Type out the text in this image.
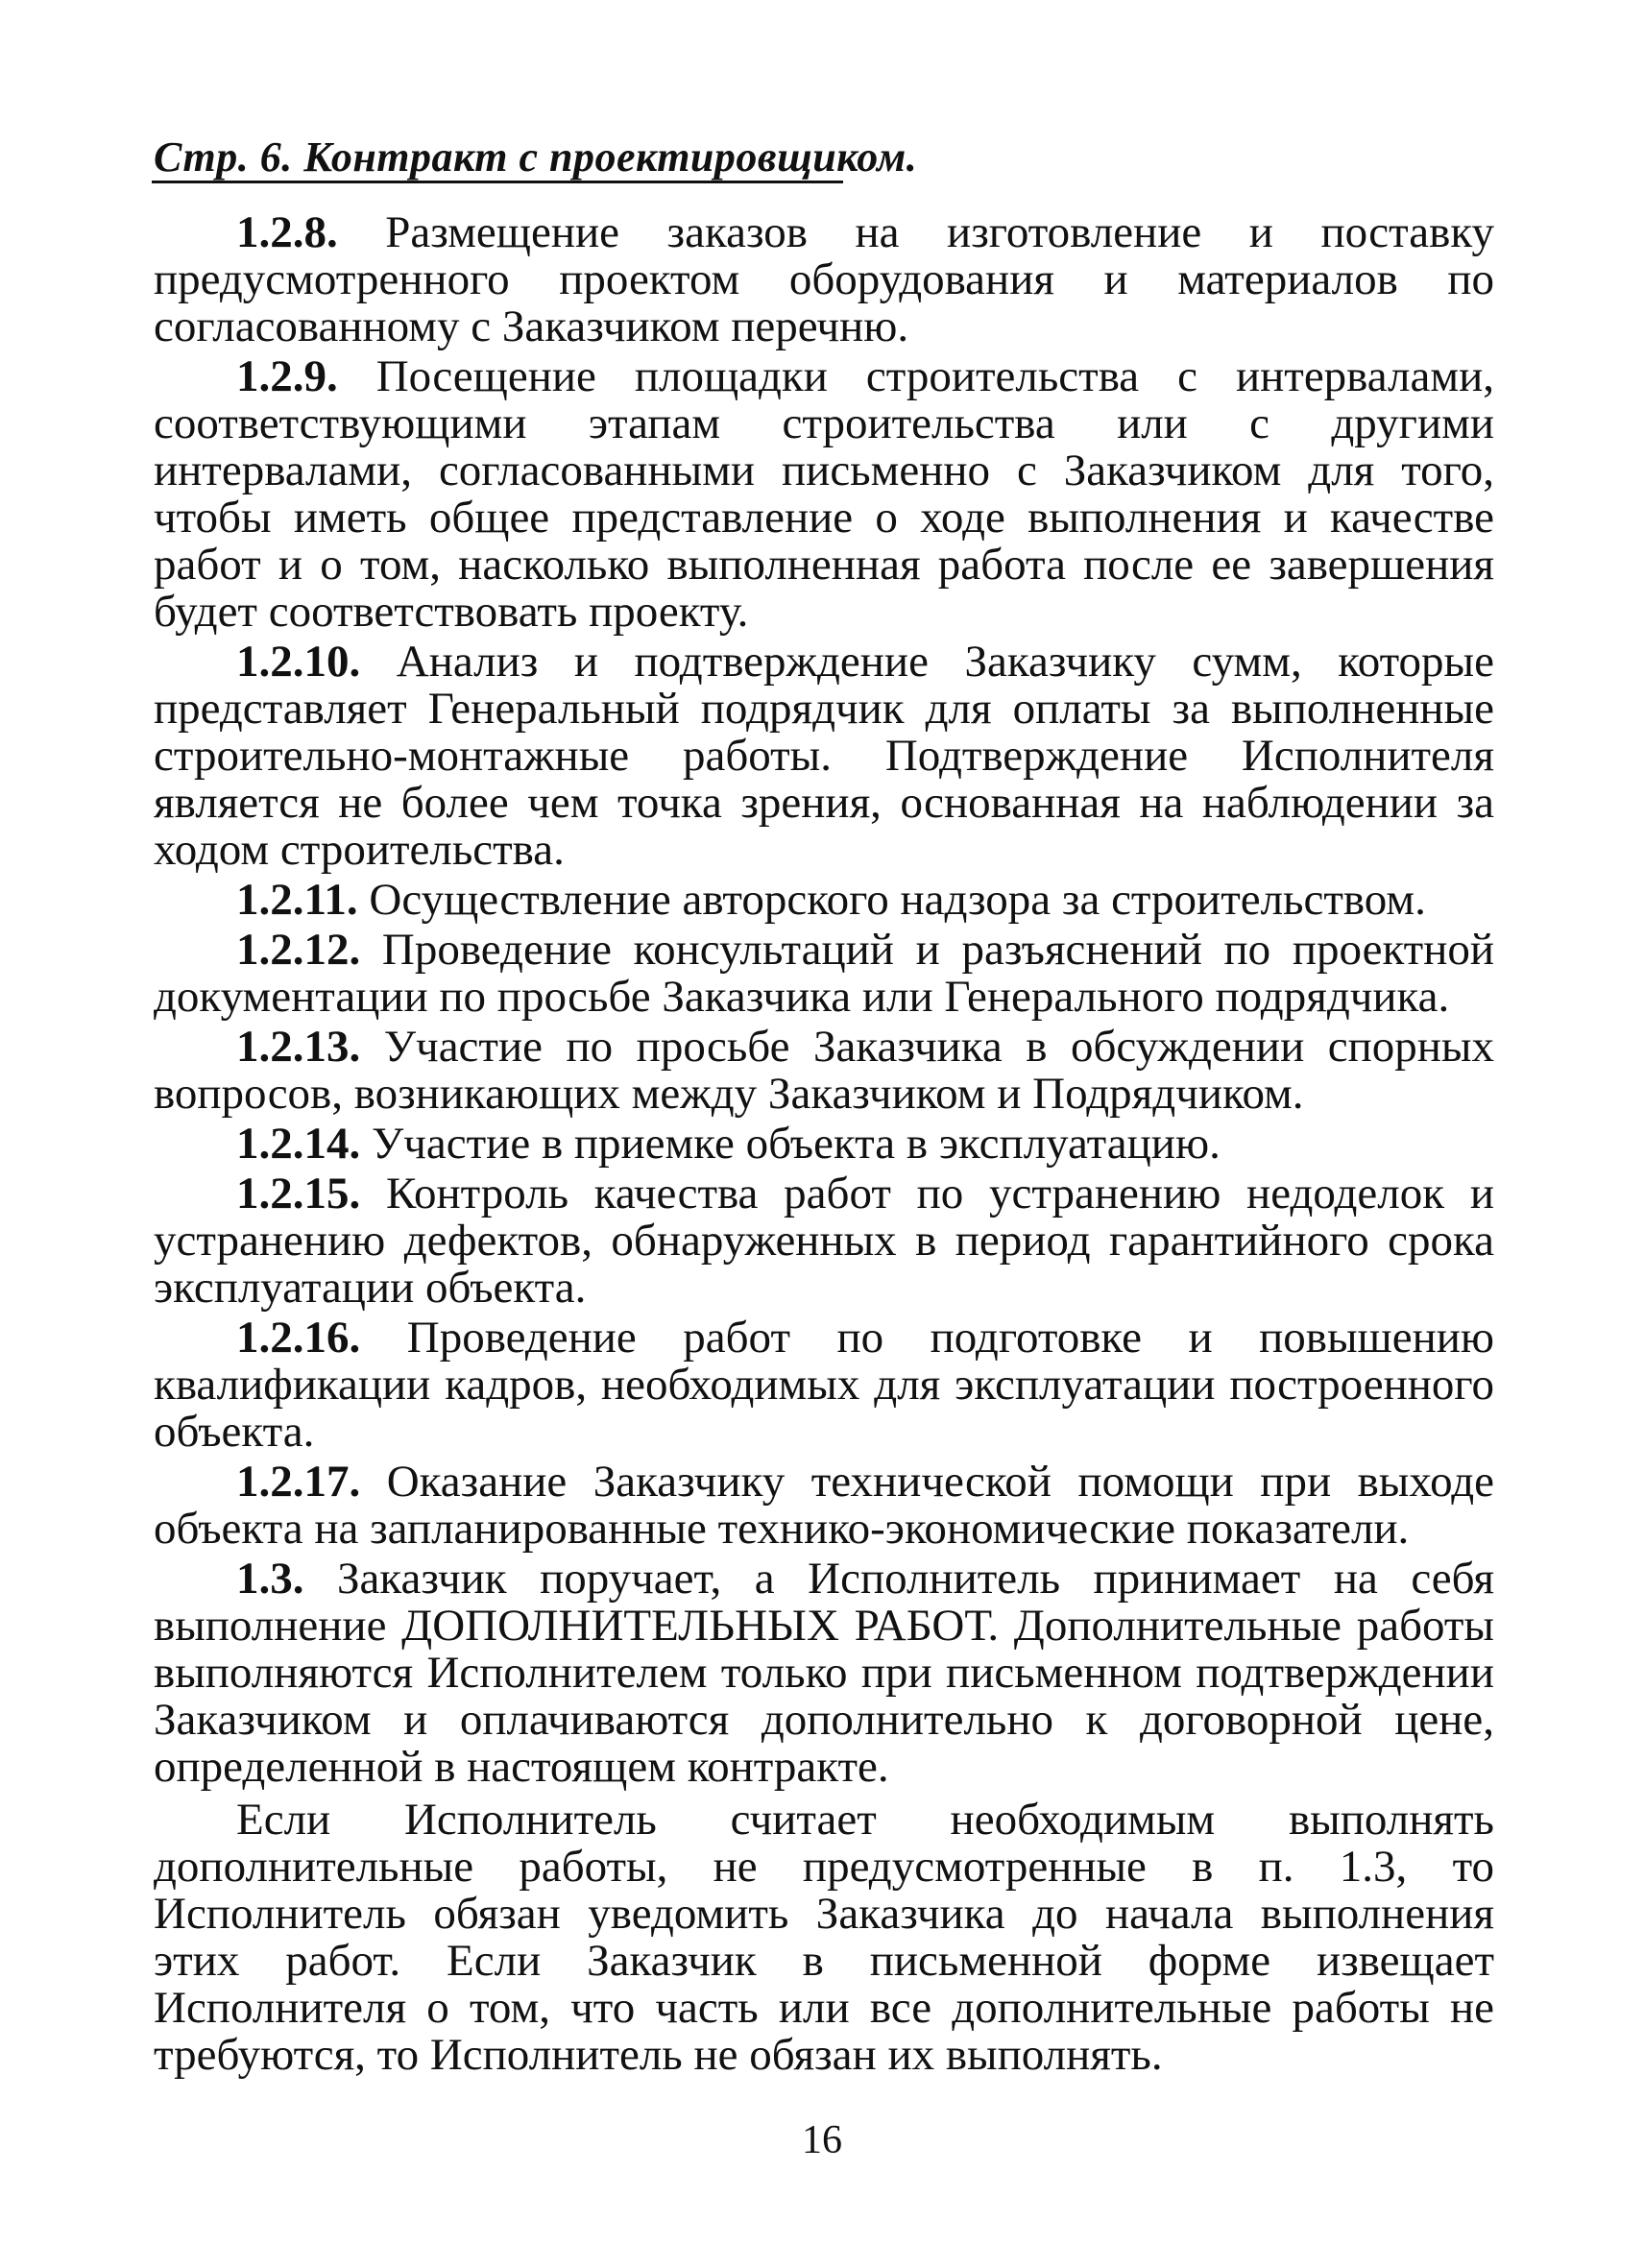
Стр. 6. Контракт с проектировщиком.

1.2.8. Размещение заказов на изготовление и поставку предусмотренного проектом оборудования и материалов по согласованному с Заказчиком перечню.

1.2.9. Посещение площадки строительства с интервалами, соответствующими этапам строительства или с другими интервалами, согласованными письменно с Заказчиком для того, чтобы иметь общее представление о ходе выполнения и качестве работ и о том, насколько выполненная работа после ее завершения будет соответствовать проекту.

1.2.10. Анализ и подтверждение Заказчику сумм, которые представляет Генеральный подрядчик для оплаты за выполненные строительно-монтажные работы. Подтверждение Исполнителя является не более чем точка зрения, основанная на наблюдении за ходом строительства.

1.2.11. Осуществление авторского надзора за строительством.

1.2.12. Проведение консультаций и разъяснений по проектной документации по просьбе Заказчика или Генерального подрядчика.

1.2.13. Участие по просьбе Заказчика в обсуждении спорных вопросов, возникающих между Заказчиком и Подрядчиком.

1.2.14. Участие в приемке объекта в эксплуатацию.

1.2.15. Контроль качества работ по устранению недоделок и устранению дефектов, обнаруженных в период гарантийного срока эксплуатации объекта.

1.2.16. Проведение работ по подготовке и повышению квалификации кадров, необходимых для эксплуатации построенного объекта.

1.2.17. Оказание Заказчику технической помощи при выходе объекта на запланированные технико-экономические показатели.

1.3. Заказчик поручает, а Исполнитель принимает на себя выполнение ДОПОЛНИТЕЛЬНЫХ РАБОТ. Дополнительные работы выполняются Исполнителем только при письменном подтверждении Заказчиком и оплачиваются дополнительно к договорной цене, определенной в настоящем контракте.

Если Исполнитель считает необходимым выполнять дополнительные работы, не предусмотренные в п. 1.3, то Исполнитель обязан уведомить Заказчика до начала выполнения этих работ. Если Заказчик в письменной форме извещает Исполнителя о том, что часть или все дополнительные работы не требуются, то Исполнитель не обязан их выполнять.

16
